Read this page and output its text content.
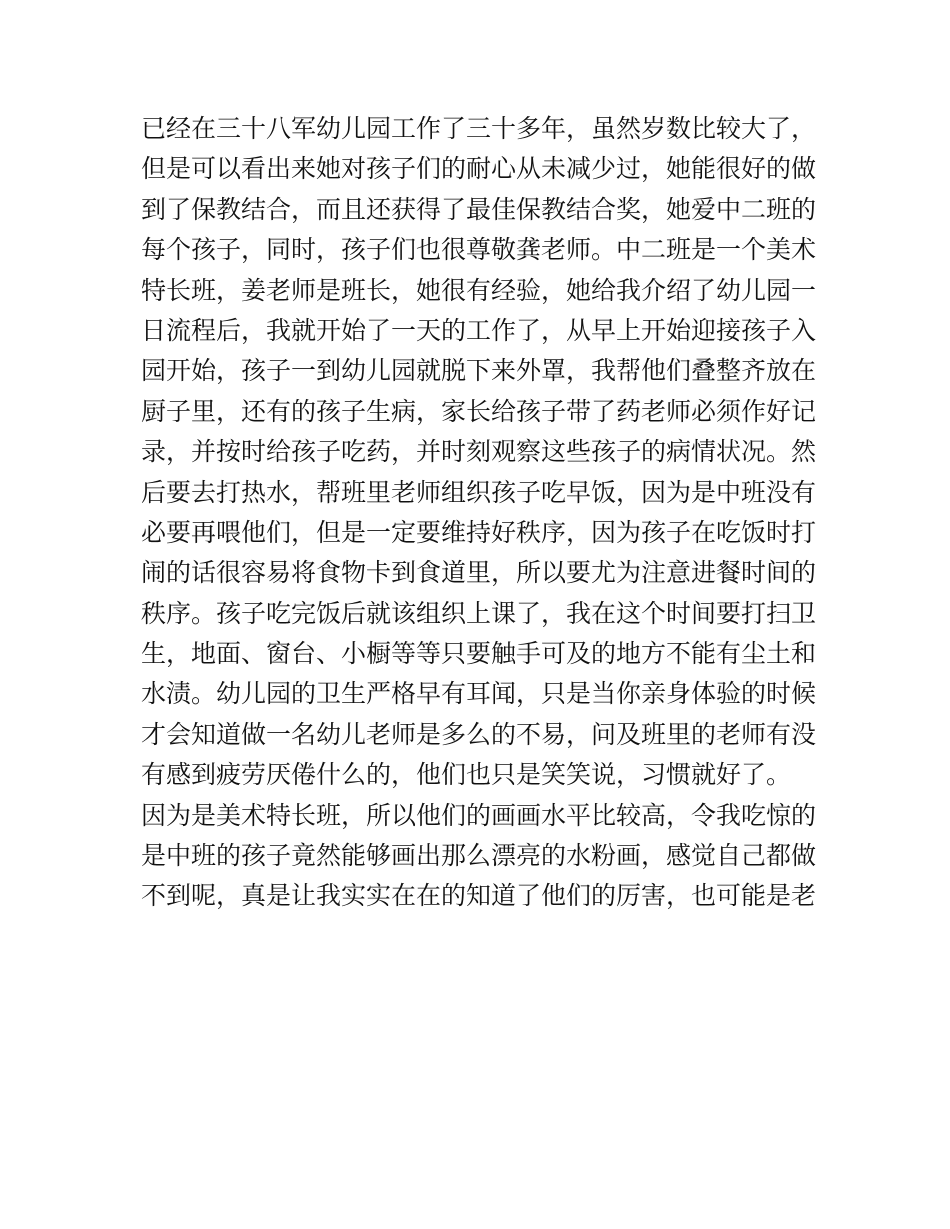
已经在三十八军幼儿园工作了三十多年，虽然岁数比较大了，
但是可以看出来她对孩子们的耐心从未减少过，她能很好的做
到了保教结合，而且还获得了最佳保教结合奖，她爱中二班的
每个孩子，同时，孩子们也很尊敬龚老师。中二班是一个美术
特长班，姜老师是班长，她很有经验，她给我介绍了幼儿园一
日流程后，我就开始了一天的工作了，从早上开始迎接孩子入
园开始，孩子一到幼儿园就脱下来外罩，我帮他们叠整齐放在
厨子里，还有的孩子生病，家长给孩子带了药老师必须作好记
录，并按时给孩子吃药，并时刻观察这些孩子的病情状况。然
后要去打热水，帮班里老师组织孩子吃早饭，因为是中班没有
必要再喂他们，但是一定要维持好秩序，因为孩子在吃饭时打
闹的话很容易将食物卡到食道里，所以要尤为注意进餐时间的
秩序。孩子吃完饭后就该组织上课了，我在这个时间要打扫卫
生，地面、窗台、小橱等等只要触手可及的地方不能有尘土和
水渍。幼儿园的卫生严格早有耳闻，只是当你亲身体验的时候
才会知道做一名幼儿老师是多么的不易，问及班里的老师有没
有感到疲劳厌倦什么的，他们也只是笑笑说，习惯就好了。
因为是美术特长班，所以他们的画画水平比较高，令我吃惊的
是中班的孩子竟然能够画出那么漂亮的水粉画，感觉自己都做
不到呢，真是让我实实在在的知道了他们的厉害，也可能是老
